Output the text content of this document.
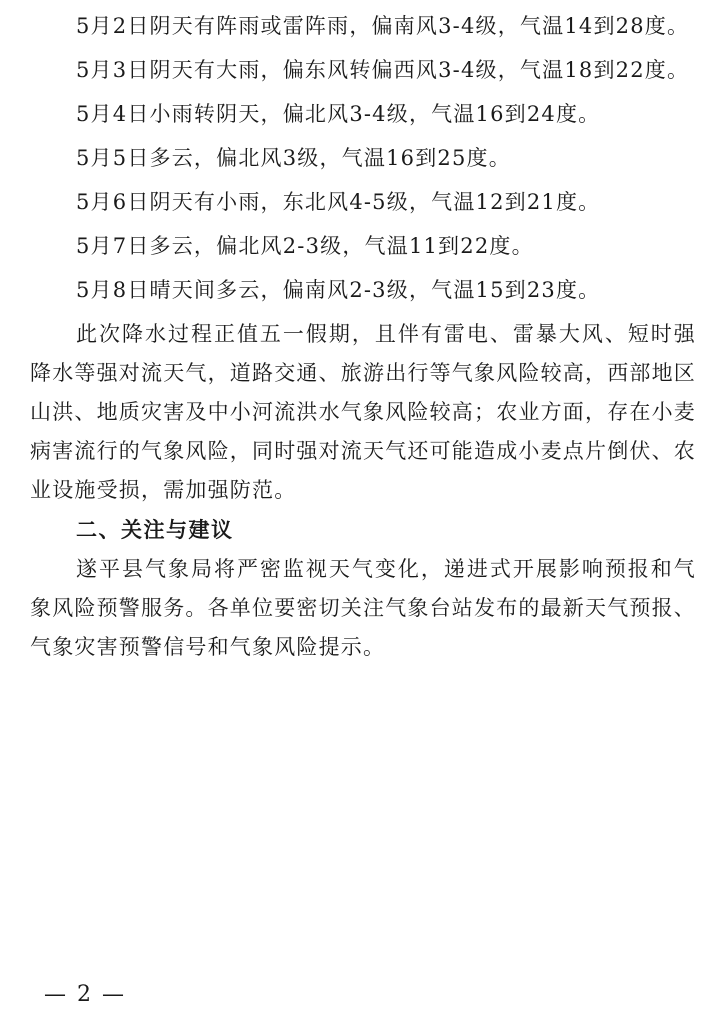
5月2日阴天有阵雨或雷阵雨，偏南风3-4级，气温14到28度。

5月3日阴天有大雨，偏东风转偏西风3-4级，气温18到22度。

5月4日小雨转阴天，偏北风3-4级，气温16到24度。

5月5日多云，偏北风3级，气温16到25度。

5月6日阴天有小雨，东北风4-5级，气温12到21度。

5月7日多云，偏北风2-3级，气温11到22度。

5月8日晴天间多云，偏南风2-3级，气温15到23度。

此次降水过程正值五一假期，且伴有雷电、雷暴大风、短时强降水等强对流天气，道路交通、旅游出行等气象风险较高，西部地区山洪、地质灾害及中小河流洪水气象风险较高；农业方面，存在小麦病害流行的气象风险，同时强对流天气还可能造成小麦点片倒伏、农业设施受损，需加强防范。

二、关注与建议

遂平县气象局将严密监视天气变化，递进式开展影响预报和气象风险预警服务。各单位要密切关注气象台站发布的最新天气预报、气象灾害预警信号和气象风险提示。

— 2 —
